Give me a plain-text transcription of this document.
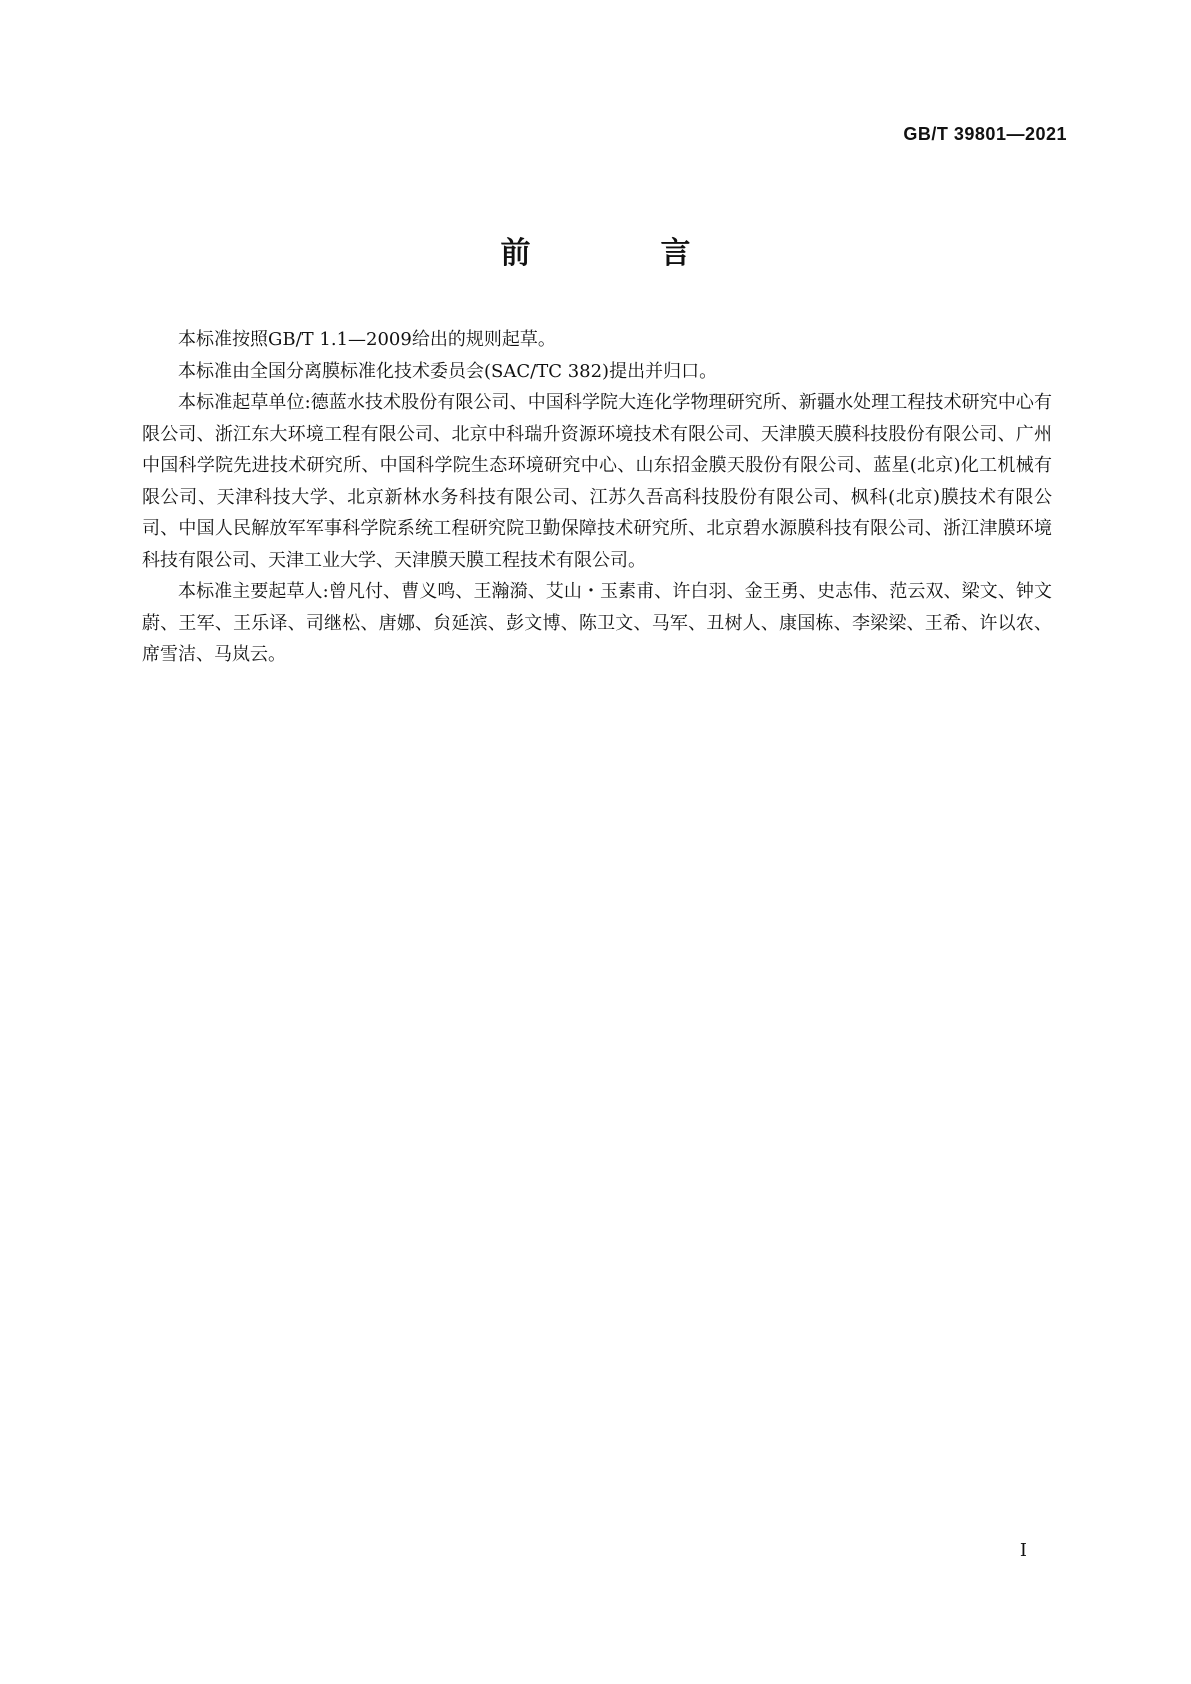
GB/T 39801—2021
前　言

本标准按照GB/T 1.1—2009给出的规则起草。

本标准由全国分离膜标准化技术委员会(SAC/TC 382)提出并归口。

本标准起草单位:德蓝水技术股份有限公司、中国科学院大连化学物理研究所、新疆水处理工程技术研究中心有限公司、浙江东大环境工程有限公司、北京中科瑞升资源环境技术有限公司、天津膜天膜科技股份有限公司、广州中国科学院先进技术研究所、中国科学院生态环境研究中心、山东招金膜天股份有限公司、蓝星(北京)化工机械有限公司、天津科技大学、北京新林水务科技有限公司、江苏久吾高科技股份有限公司、枫科(北京)膜技术有限公司、中国人民解放军军事科学院系统工程研究院卫勤保障技术研究所、北京碧水源膜科技有限公司、浙江津膜环境科技有限公司、天津工业大学、天津膜天膜工程技术有限公司。

本标准主要起草人:曾凡付、曹义鸣、王瀚漪、艾山・玉素甫、许白羽、金王勇、史志伟、范云双、梁文、钟文蔚、王军、王乐译、司继松、唐娜、贠延滨、彭文博、陈卫文、马军、丑树人、康国栋、李梁梁、王希、许以农、席雪洁、马岚云。

I
